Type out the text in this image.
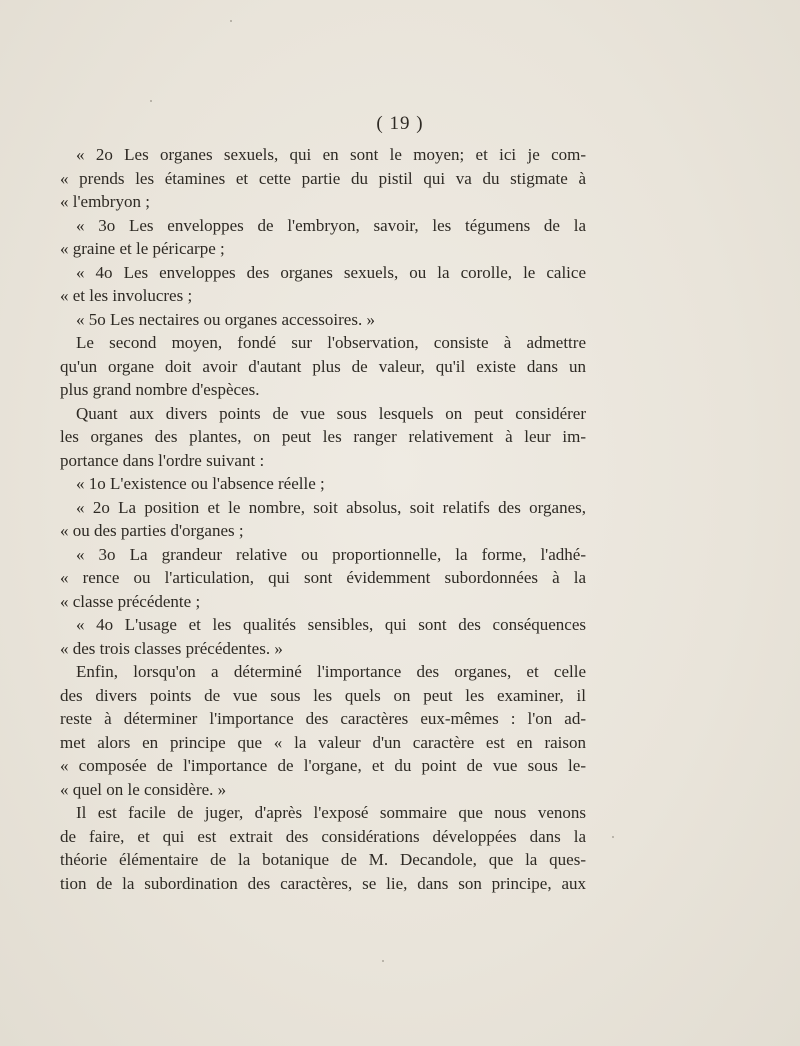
( 19 )
« 2o Les organes sexuels, qui en sont le moyen; et ici je com-
« prends les étamines et cette partie du pistil qui va du stigmate à
« l'embryon ;
« 3o Les enveloppes de l'embryon, savoir, les tégumens de la
« graine et le péricarpe ;
« 4o Les enveloppes des organes sexuels, ou la corolle, le calice
« et les involucres ;
« 5o Les nectaires ou organes accessoires. »
Le second moyen, fondé sur l'observation, consiste à admettre
qu'un organe doit avoir d'autant plus de valeur, qu'il existe dans un
plus grand nombre d'espèces.
Quant aux divers points de vue sous lesquels on peut considérer
les organes des plantes, on peut les ranger relativement à leur im-
portance dans l'ordre suivant :
« 1o L'existence ou l'absence réelle ;
« 2o La position et le nombre, soit absolus, soit relatifs des organes,
« ou des parties d'organes ;
« 3o La grandeur relative ou proportionnelle, la forme, l'adhé-
« rence ou l'articulation, qui sont évidemment subordonnées à la
« classe précédente ;
« 4o L'usage et les qualités sensibles, qui sont des conséquences
« des trois classes précédentes. »
Enfin, lorsqu'on a déterminé l'importance des organes, et celle
des divers points de vue sous les quels on peut les examiner, il
reste à déterminer l'importance des caractères eux-mêmes : l'on ad-
met alors en principe que « la valeur d'un caractère est en raison
« composée de l'importance de l'organe, et du point de vue sous le-
« quel on le considère. »
Il est facile de juger, d'après l'exposé sommaire que nous venons
de faire, et qui est extrait des considérations développées dans la
théorie élémentaire de la botanique de M. Decandole, que la ques-
tion de la subordination des caractères, se lie, dans son principe, aux
